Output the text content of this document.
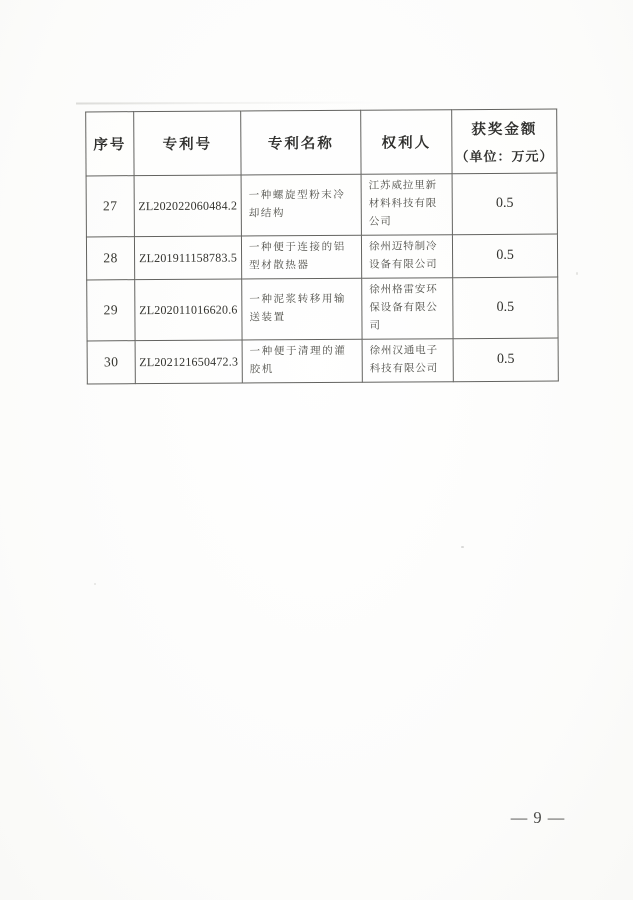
序号	专利号	专利名称	权利人	获奖金额
（单位：万元）

27	ZL202022060484.2	一种螺旋型粉末冷却结构	江苏威拉里新材料科技有限公司	0.5
28	ZL201911158783.5	一种便于连接的铝型材散热器	徐州迈特制冷设备有限公司	0.5
29	ZL202011016620.6	一种泥浆转移用输送装置	徐州格雷安环保设备有限公司	0.5
30	ZL202121650472.3	一种便于清理的灌胶机	徐州汉通电子科技有限公司	0.5
— 9 —
